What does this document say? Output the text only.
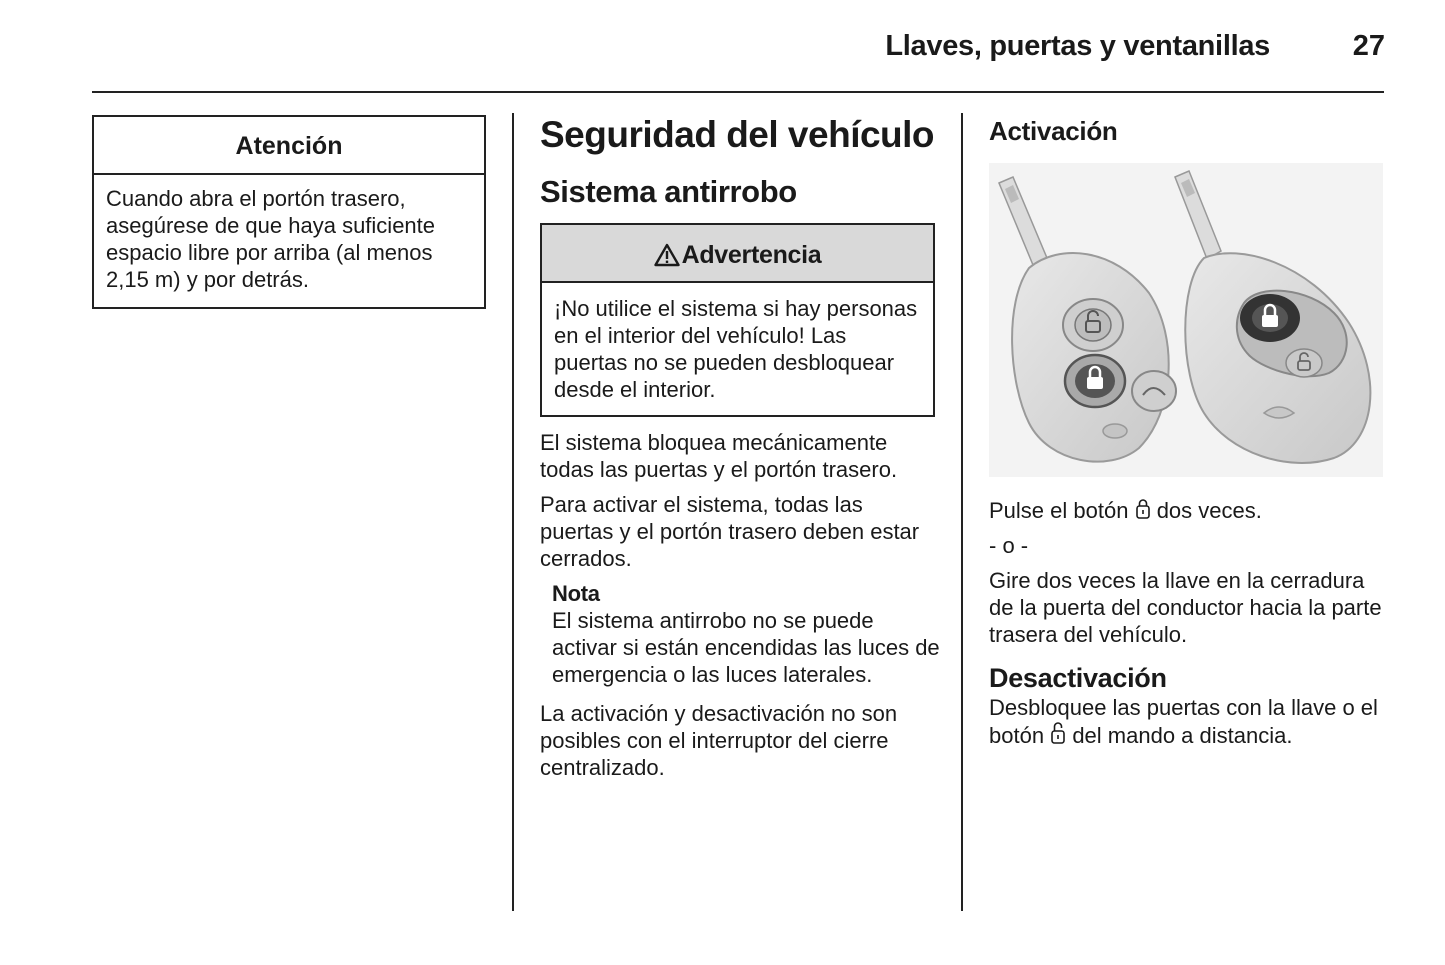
Llaves, puertas y ventanillas	27
Atención
Cuando abra el portón trasero, asegúrese de que haya suficiente espacio libre por arriba (al menos 2,15 m) y por detrás.
Seguridad del vehículo
Sistema antirrobo
Advertencia
¡No utilice el sistema si hay personas en el interior del vehículo! Las puertas no se pueden desbloquear desde el interior.

El sistema bloquea mecánicamente todas las puertas y el portón trasero.

Para activar el sistema, todas las puertas y el portón trasero deben estar cerrados.

Nota

El sistema antirrobo no se puede activar si están encendidas las luces de emergencia o las luces laterales.

La activación y desactivación no son posibles con el interruptor del cierre centralizado.

Activación

Pulse el botón dos veces.

- o -

Gire dos veces la llave en la cerradura de la puerta del conductor hacia la parte trasera del vehículo.

Desactivación

Desbloquee las puertas con la llave o el botón del mando a distancia.
